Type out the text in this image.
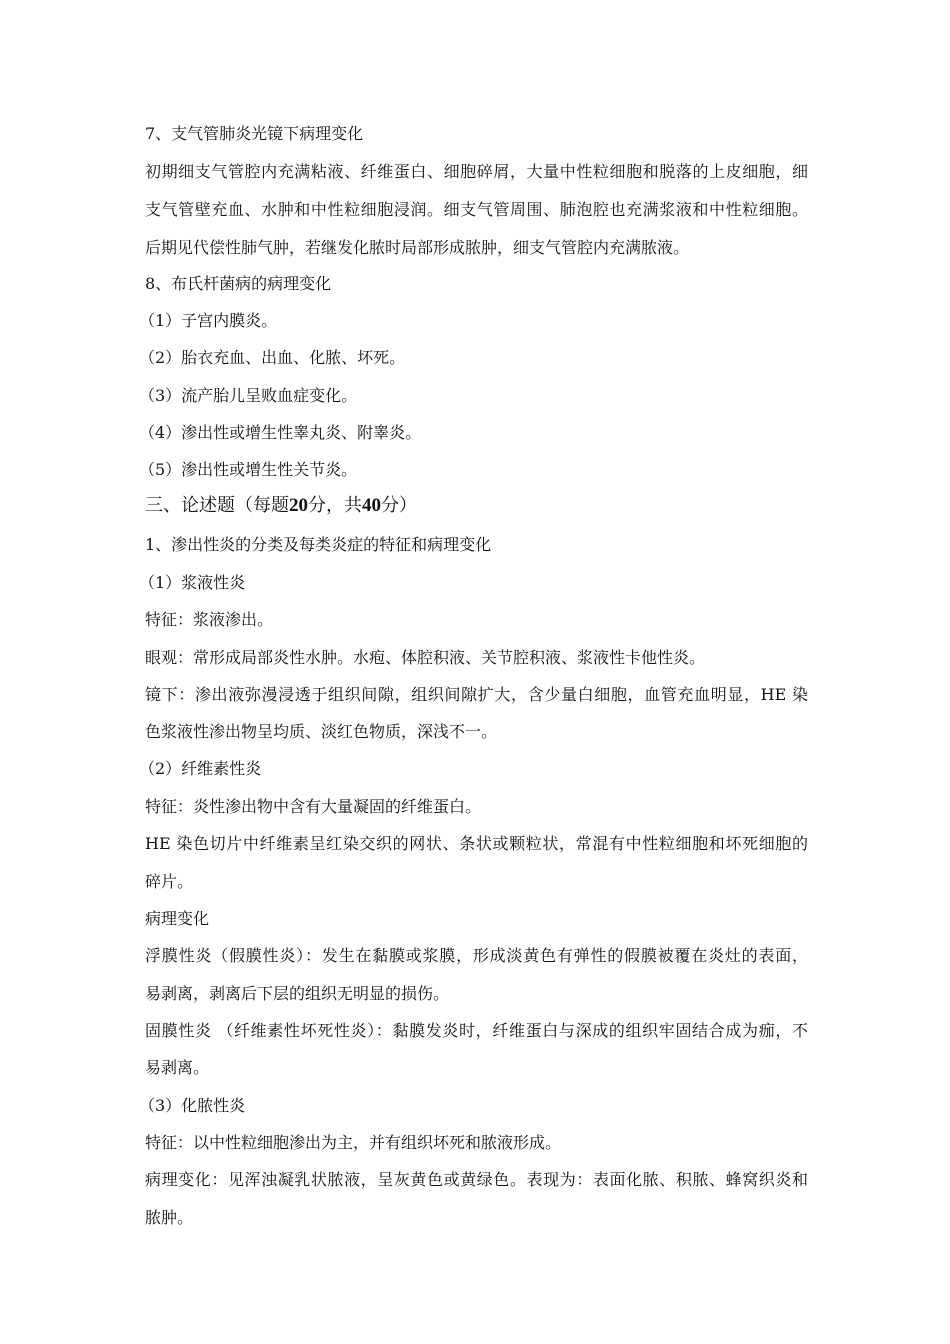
7、支气管肺炎光镜下病理变化

初期细支气管腔内充满粘液、纤维蛋白、细胞碎屑，大量中性粒细胞和脱落的上皮细胞，细

支气管壁充血、水肿和中性粒细胞浸润。细支气管周围、肺泡腔也充满浆液和中性粒细胞。

后期见代偿性肺气肿，若继发化脓时局部形成脓肿，细支气管腔内充满脓液。

8、布氏杆菌病的病理变化

（1）子宫内膜炎。

（2）胎衣充血、出血、化脓、坏死。

（3）流产胎儿呈败血症变化。

（4）渗出性或增生性睾丸炎、附睾炎。

（5）渗出性或增生性关节炎。

三、论述题（每题20分，共40分）

1、渗出性炎的分类及每类炎症的特征和病理变化

（1）浆液性炎

特征：浆液渗出。

眼观：常形成局部炎性水肿。水疱、体腔积液、关节腔积液、浆液性卡他性炎。

镜下：渗出液弥漫浸透于组织间隙，组织间隙扩大，含少量白细胞，血管充血明显，HE 染

色浆液性渗出物呈均质、淡红色物质，深浅不一。

（2）纤维素性炎

特征：炎性渗出物中含有大量凝固的纤维蛋白。

HE 染色切片中纤维素呈红染交织的网状、条状或颗粒状，常混有中性粒细胞和坏死细胞的

碎片。

病理变化

浮膜性炎（假膜性炎）：发生在黏膜或浆膜，形成淡黄色有弹性的假膜被覆在炎灶的表面，

易剥离，剥离后下层的组织无明显的损伤。

固膜性炎 （纤维素性坏死性炎）：黏膜发炎时，纤维蛋白与深成的组织牢固结合成为痂，不

易剥离。

（3）化脓性炎

特征：以中性粒细胞渗出为主，并有组织坏死和脓液形成。

病理变化：见浑浊凝乳状脓液，呈灰黄色或黄绿色。表现为：表面化脓、积脓、蜂窝织炎和

脓肿。
